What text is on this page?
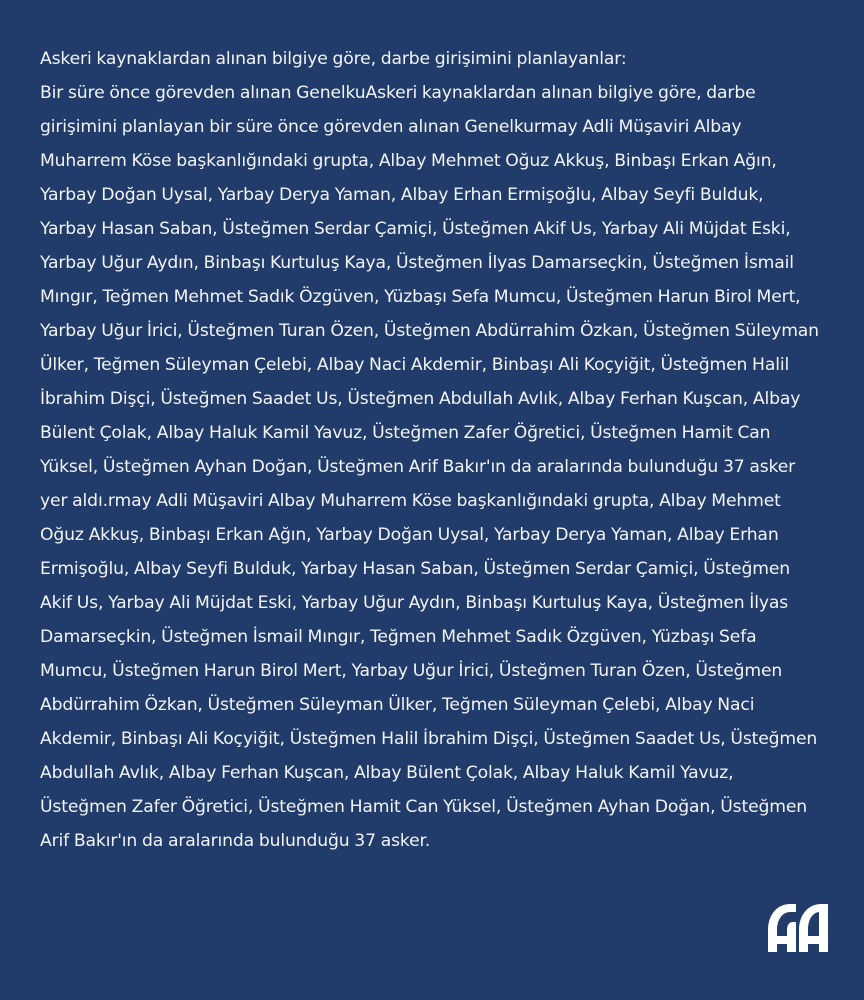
Askeri kaynaklardan alınan bilgiye göre, darbe girişimini planlayanlar:

Bir süre önce görevden alınan GenelkuAskeri kaynaklardan alınan bilgiye göre, darbe girişimini planlayan bir süre önce görevden alınan Genelkurmay Adli Müşaviri Albay Muharrem Köse başkanlığındaki grupta, Albay Mehmet Oğuz Akkuş, Binbaşı Erkan Ağın, Yarbay Doğan Uysal, Yarbay Derya Yaman, Albay Erhan Ermişoğlu, Albay Seyfi Bulduk, Yarbay Hasan Saban, Üsteğmen Serdar Çamiçi, Üsteğmen Akif Us, Yarbay Ali Müjdat Eski, Yarbay Uğur Aydın, Binbaşı Kurtuluş Kaya, Üsteğmen İlyas Damarseçkin, Üsteğmen İsmail Mıngır, Teğmen Mehmet Sadık Özgüven, Yüzbaşı Sefa Mumcu, Üsteğmen Harun Birol Mert, Yarbay Uğur İrici, Üsteğmen Turan Özen, Üsteğmen Abdürrahim Özkan, Üsteğmen Süleyman Ülker, Teğmen Süleyman Çelebi, Albay Naci Akdemir, Binbaşı Ali Koçyiğit, Üsteğmen Halil İbrahim Dişçi, Üsteğmen Saadet Us, Üsteğmen Abdullah Avlık, Albay Ferhan Kuşcan, Albay Bülent Çolak, Albay Haluk Kamil Yavuz, Üsteğmen Zafer Öğretici, Üsteğmen Hamit Can Yüksel, Üsteğmen Ayhan Doğan, Üsteğmen Arif Bakır'ın da aralarında bulunduğu 37 asker yer aldı.rmay Adli Müşaviri Albay Muharrem Köse başkanlığındaki grupta, Albay Mehmet Oğuz Akkuş, Binbaşı Erkan Ağın, Yarbay Doğan Uysal, Yarbay Derya Yaman, Albay Erhan Ermişoğlu, Albay Seyfi Bulduk, Yarbay Hasan Saban, Üsteğmen Serdar Çamiçi, Üsteğmen Akif Us, Yarbay Ali Müjdat Eski, Yarbay Uğur Aydın, Binbaşı Kurtuluş Kaya, Üsteğmen İlyas Damarseçkin, Üsteğmen İsmail Mıngır, Teğmen Mehmet Sadık Özgüven, Yüzbaşı Sefa Mumcu, Üsteğmen Harun Birol Mert, Yarbay Uğur İrici, Üsteğmen Turan Özen, Üsteğmen Abdürrahim Özkan, Üsteğmen Süleyman Ülker, Teğmen Süleyman Çelebi, Albay Naci Akdemir, Binbaşı Ali Koçyiğit, Üsteğmen Halil İbrahim Dişçi, Üsteğmen Saadet Us, Üsteğmen Abdullah Avlık, Albay Ferhan Kuşcan, Albay Bülent Çolak, Albay Haluk Kamil Yavuz, Üsteğmen Zafer Öğretici, Üsteğmen Hamit Can Yüksel, Üsteğmen Ayhan Doğan, Üsteğmen Arif Bakır'ın da aralarında bulunduğu 37 asker.

AA
